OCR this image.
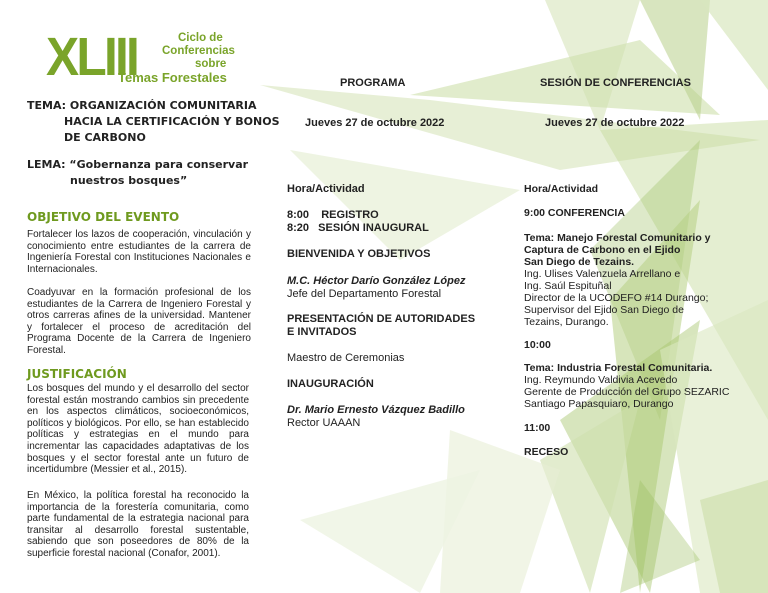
XLIII	Ciclo de
Conferencias
sobre
Temas Forestales
TEMA: ORGANIZACIÓN COMUNITARIA
HACIA LA CERTIFICACIÓN Y BONOS
DE CARBONO
LEMA: “Gobernanza para conservar
nuestros bosques”
OBJETIVO DEL EVENTO
Fortalecer los lazos de cooperación, vinculación y conocimiento entre estudiantes de la carrera de Ingeniería Forestal con Instituciones Nacionales e Internacionales.
Coadyuvar en la formación profesional de los estudiantes de la Carrera de Ingeniero Forestal y otros carreras afines de la universidad. Mantener y fortalecer el proceso de acreditación del Programa Docente de la Carrera de Ingeniero Forestal.
JUSTIFICACIÓN
Los bosques del mundo y el desarrollo del sector forestal están mostrando cambios sin precedente en los aspectos climáticos, socioeconómicos, políticos y biológicos. Por ello, se han establecido políticas y estrategias en el mundo para incrementar las capacidades adaptativas de los bosques y el sector forestal ante un futuro de incertidumbre (Messier et al., 2015).
En México, la política forestal ha reconocido la importancia de la forestería comunitaria, como parte fundamental de la estrategia nacional para transitar al desarrollo forestal sustentable, sabiendo que son poseedores de 80% de la superficie forestal nacional (Conafor, 2001).
PROGRAMA
Jueves 27 de octubre 2022
Hora/Actividad
8:00    REGISTRO
8:20   SESIÓN INAUGURAL
BIENVENIDA Y OBJETIVOS
M.C. Héctor Darío González López
Jefe del Departamento Forestal
PRESENTACIÓN DE AUTORIDADES
E INVITADOS
Maestro de Ceremonias
INAUGURACIÓN
Dr. Mario Ernesto Vázquez Badillo
Rector UAAAN
SESIÓN DE CONFERENCIAS
Jueves 27 de octubre 2022
Hora/Actividad
9:00 CONFERENCIA
Tema: Manejo Forestal Comunitario y
Captura de Carbono en el Ejido
San Diego de Tezains.
Ing. Ulises Valenzuela Arrellano e
Ing. Saúl Espituñal
Director de la UCODEFO #14 Durango;
Supervisor del Ejido San Diego de
Tezains, Durango.
10:00
Tema: Industria Forestal Comunitaria.
Ing. Reymundo Valdivia Acevedo
Gerente de Producción del Grupo SEZARIC
Santiago Papasquiaro, Durango
11:00
RECESO
